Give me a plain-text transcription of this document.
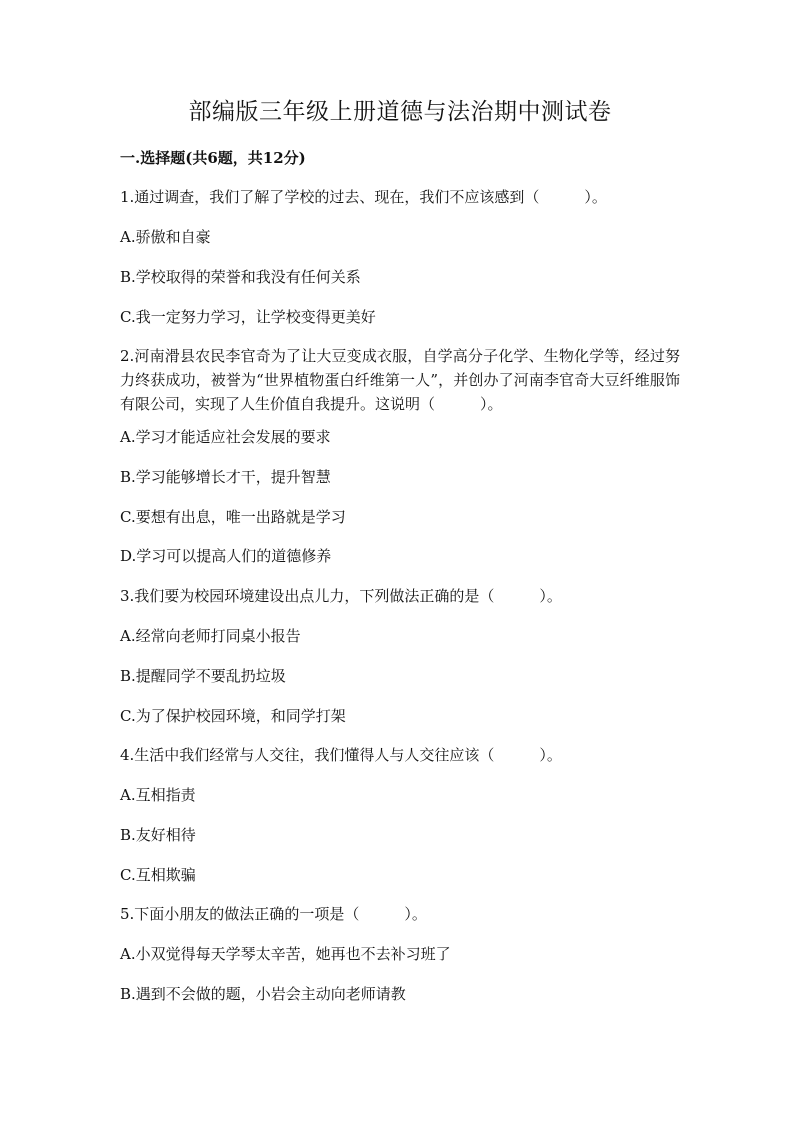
部编版三年级上册道德与法治期中测试卷
一.选择题(共6题，共12分)
1.通过调查，我们了解了学校的过去、现在，我们不应该感到（　　　）。
A.骄傲和自豪
B.学校取得的荣誉和我没有任何关系
C.我一定努力学习，让学校变得更美好
2.河南滑县农民李官奇为了让大豆变成衣服，自学高分子化学、生物化学等，经过努力终获成功，被誉为“世界植物蛋白纤维第一人”，并创办了河南李官奇大豆纤维服饰有限公司，实现了人生价值自我提升。这说明（　　　）。
A.学习才能适应社会发展的要求
B.学习能够增长才干，提升智慧
C.要想有出息，唯一出路就是学习
D.学习可以提高人们的道德修养
3.我们要为校园环境建设出点儿力，下列做法正确的是（　　　）。
A.经常向老师打同桌小报告
B.提醒同学不要乱扔垃圾
C.为了保护校园环境，和同学打架
4.生活中我们经常与人交往，我们懂得人与人交往应该（　　　）。
A.互相指责
B.友好相待
C.互相欺骗
5.下面小朋友的做法正确的一项是（　　　）。
A.小双觉得每天学琴太辛苦，她再也不去补习班了
B.遇到不会做的题，小岩会主动向老师请教
